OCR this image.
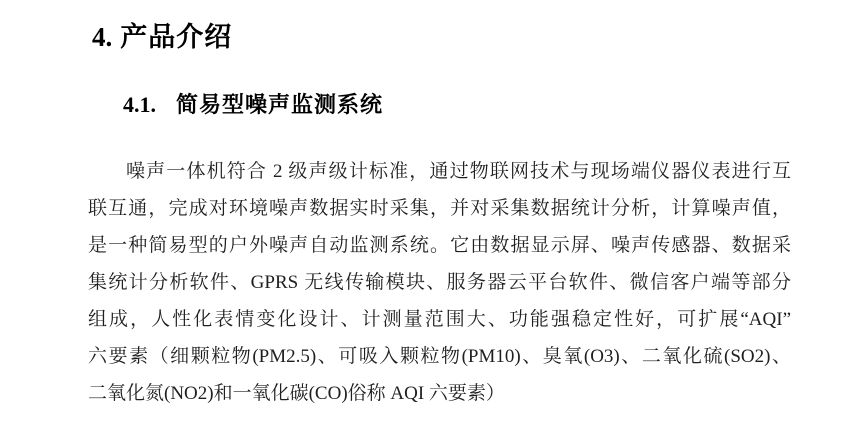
4. 产品介绍
4.1. 简易型噪声监测系统
噪声一体机符合 2 级声级计标准，通过物联网技术与现场端仪器仪表进行互
联互通，完成对环境噪声数据实时采集，并对采集数据统计分析，计算噪声值，
是一种简易型的户外噪声自动监测系统。它由数据显示屏、噪声传感器、数据采
集统计分析软件、GPRS 无线传输模块、服务器云平台软件、微信客户端等部分
组成，人性化表情变化设计、计测量范围大、功能强稳定性好，可扩展“AQI”
六要素（细颗粒物(PM2.5)、可吸入颗粒物(PM10)、臭氧(O3)、二氧化硫(SO2)、
二氧化氮(NO2)和一氧化碳(CO)俗称 AQI 六要素）
